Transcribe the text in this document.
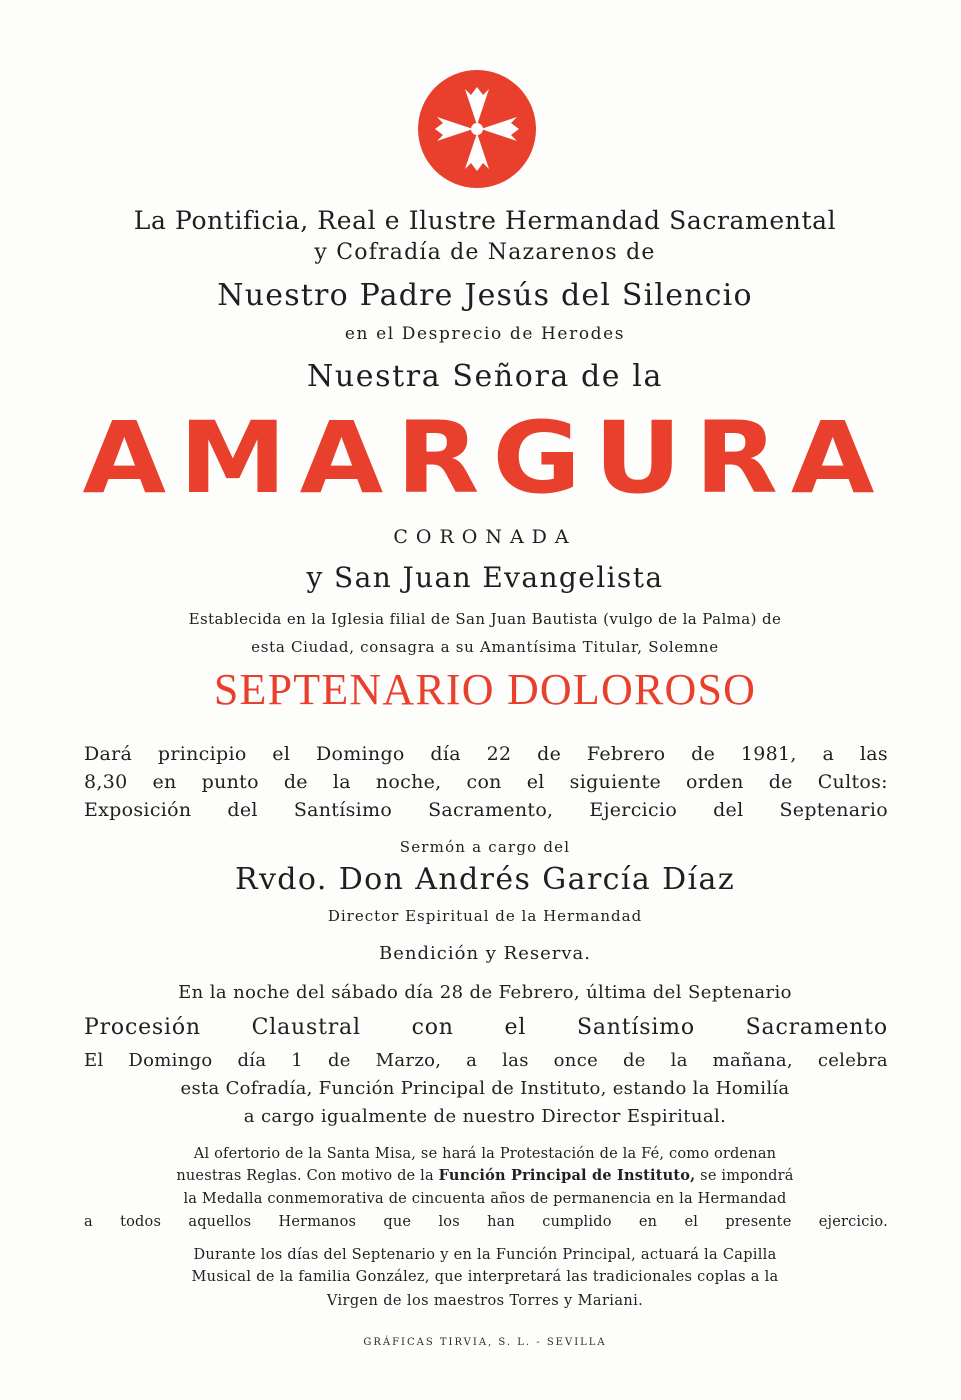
La Pontificia, Real e Ilustre Hermandad Sacramental
y Cofradía de Nazarenos de
Nuestro Padre Jesús del Silencio
en el Desprecio de Herodes
Nuestra Señora de la
AMARGURA
CORONADA
y San Juan Evangelista
Establecida en la Iglesia filial de San Juan Bautista (vulgo de la Palma) de
esta Ciudad, consagra a su Amantísima Titular, Solemne
SEPTENARIO DOLOROSO
Dará principio el Domingo día 22 de Febrero de 1981, a las
8,30 en punto de la noche, con el siguiente orden de Cultos:
Exposición del Santísimo Sacramento, Ejercicio del Septenario
Sermón a cargo del
Rvdo. Don Andrés García Díaz
Director Espiritual de la Hermandad
Bendición y Reserva.
En la noche del sábado día 28 de Febrero, última del Septenario
Procesión Claustral con el Santísimo Sacramento
El Domingo día 1 de Marzo, a las once de la mañana, celebra
esta Cofradía, Función Principal de Instituto, estando la Homilía
a cargo igualmente de nuestro Director Espiritual.
Al ofertorio de la Santa Misa, se hará la Protestación de la Fé, como ordenan
nuestras Reglas. Con motivo de la Función Principal de Instituto, se impondrá
la Medalla conmemorativa de cincuenta años de permanencia en la Hermandad
a todos aquellos Hermanos que los han cumplido en el presente ejercicio.
Durante los días del Septenario y en la Función Principal, actuará la Capilla
Musical de la familia González, que interpretará las tradicionales coplas a la
Virgen de los maestros Torres y Mariani.
GRÁFICAS TIRVIA, S. L. - SEVILLA
